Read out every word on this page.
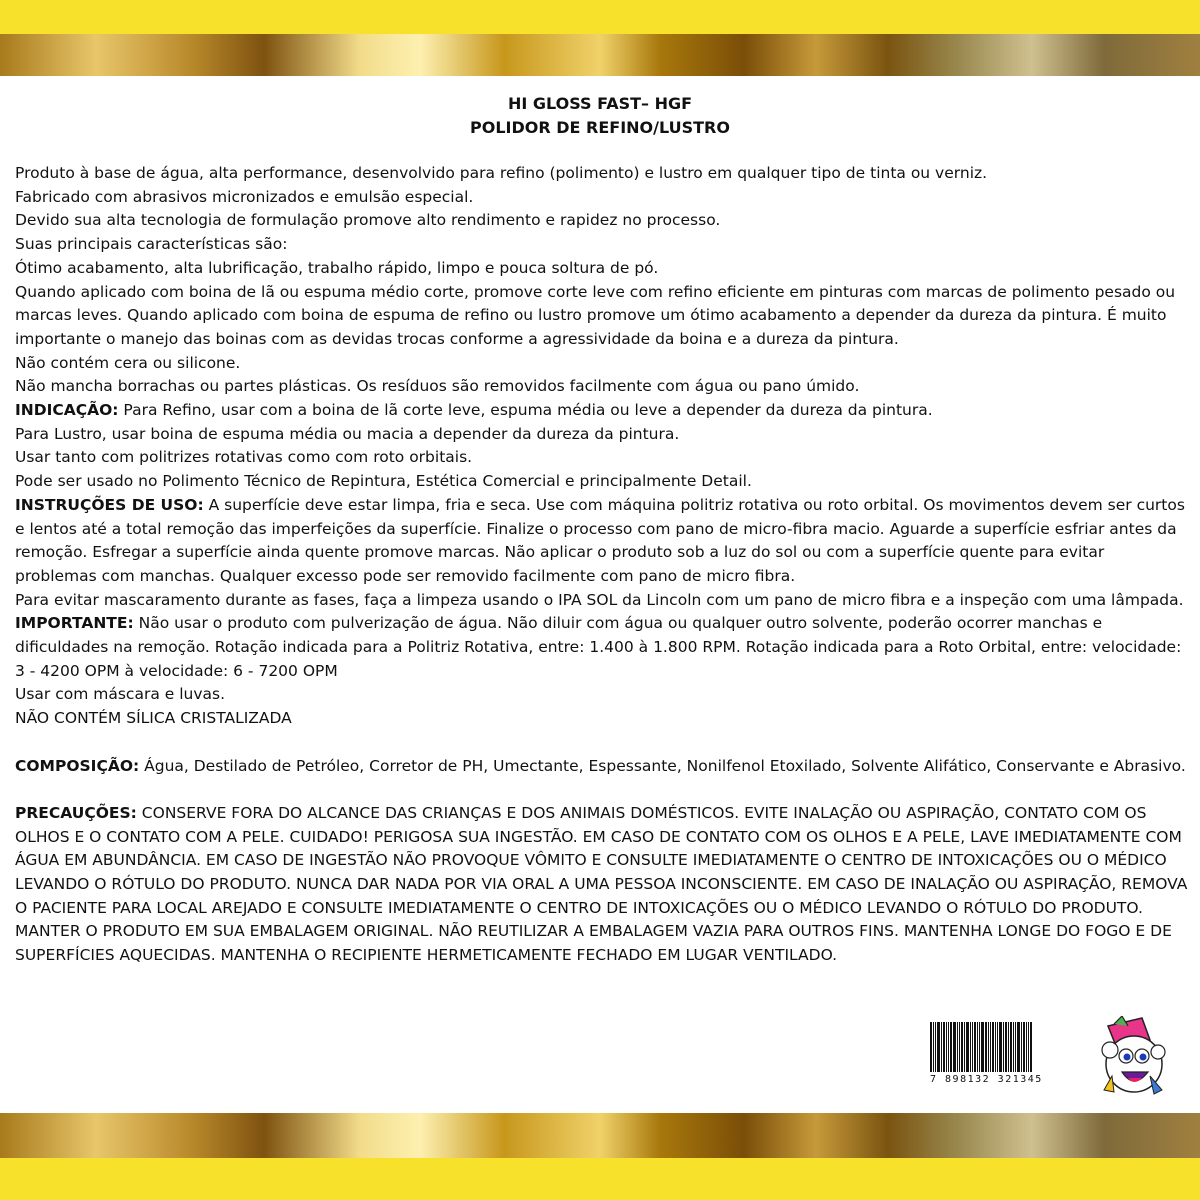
HI GLOSS FAST– HGF
POLIDOR DE REFINO/LUSTRO

Produto à base de água, alta performance, desenvolvido para refino (polimento) e lustro em qualquer tipo de tinta ou verniz.

Fabricado com abrasivos micronizados e emulsão especial.

Devido sua alta tecnologia de formulação promove alto rendimento e rapidez no processo.

Suas principais características são:

Ótimo acabamento, alta lubrificação, trabalho rápido, limpo e pouca soltura de pó.

Quando aplicado com boina de lã ou espuma médio corte, promove corte leve com refino eficiente em pinturas com marcas de polimento pesado ou marcas leves. Quando aplicado com boina de espuma de refino ou lustro promove um ótimo acabamento a depender da dureza da pintura. É muito importante o manejo das boinas com as devidas trocas conforme a agressividade da boina e a dureza da pintura.

Não contém cera ou silicone.

Não mancha borrachas ou partes plásticas. Os resíduos são removidos facilmente com água ou pano úmido.

INDICAÇÃO: Para Refino, usar com a boina de lã corte leve, espuma média ou leve a depender da dureza da pintura.

Para Lustro, usar boina de espuma média ou macia a depender da dureza da pintura.

Usar tanto com politrizes rotativas como com roto orbitais.

Pode ser usado no Polimento Técnico de Repintura, Estética Comercial e principalmente Detail.

INSTRUÇÕES DE USO: A superfície deve estar limpa, fria e seca. Use com máquina politriz rotativa ou roto orbital. Os movimentos devem ser curtos e lentos até a total remoção das imperfeições da superfície. Finalize o processo com pano de micro-fibra macio. Aguarde a superfície esfriar antes da remoção. Esfregar a superfície ainda quente promove marcas. Não aplicar o produto sob a luz do sol ou com a superfície quente para evitar problemas com manchas. Qualquer excesso pode ser removido facilmente com pano de micro fibra.

Para evitar mascaramento durante as fases, faça a limpeza usando o IPA SOL da Lincoln com um pano de micro fibra e a inspeção com uma lâmpada.

IMPORTANTE: Não usar o produto com pulverização de água. Não diluir com água ou qualquer outro solvente, poderão ocorrer manchas e dificuldades na remoção. Rotação indicada para a Politriz Rotativa, entre: 1.400 à 1.800 RPM. Rotação indicada para a Roto Orbital, entre: velocidade: 3 - 4200 OPM à velocidade: 6 - 7200 OPM

Usar com máscara e luvas.

NÃO CONTÉM SÍLICA CRISTALIZADA

COMPOSIÇÃO: Água, Destilado de Petróleo, Corretor de PH, Umectante, Espessante, Nonilfenol Etoxilado, Solvente Alifático, Conservante e Abrasivo.

PRECAUÇÕES: CONSERVE FORA DO ALCANCE DAS CRIANÇAS E DOS ANIMAIS DOMÉSTICOS. EVITE INALAÇÃO OU ASPIRAÇÃO, CONTATO COM OS OLHOS E O CONTATO COM A PELE. CUIDADO! PERIGOSA SUA INGESTÃO. EM CASO DE CONTATO COM OS OLHOS E A PELE, LAVE IMEDIATAMENTE COM ÁGUA EM ABUNDÂNCIA. EM CASO DE INGESTÃO NÃO PROVOQUE VÔMITO E CONSULTE IMEDIATAMENTE O CENTRO DE INTOXICAÇÕES OU O MÉDICO LEVANDO O RÓTULO DO PRODUTO. NUNCA DAR NADA POR VIA ORAL A UMA PESSOA INCONSCIENTE. EM CASO DE INALAÇÃO OU ASPIRAÇÃO, REMOVA O PACIENTE PARA LOCAL AREJADO E CONSULTE IMEDIATAMENTE O CENTRO DE INTOXICAÇÕES OU O MÉDICO LEVANDO O RÓTULO DO PRODUTO. MANTER O PRODUTO EM SUA EMBALAGEM ORIGINAL. NÃO REUTILIZAR A EMBALAGEM VAZIA PARA OUTROS FINS. MANTENHA LONGE DO FOGO E DE SUPERFÍCIES AQUECIDAS. MANTENHA O RECIPIENTE HERMETICAMENTE FECHADO EM LUGAR VENTILADO.

7 898132 321345
